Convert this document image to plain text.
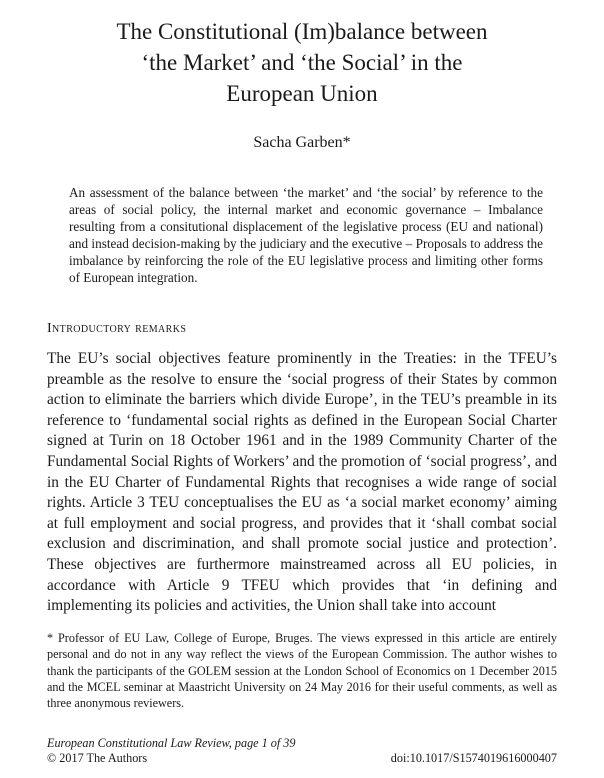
The Constitutional (Im)balance between
‘the Market’ and ‘the Social’ in the
European Union
Sacha Garben*

An assessment of the balance between ‘the market’ and ‘the social’ by reference to the areas of social policy, the internal market and economic governance – Imbalance resulting from a consitutional displacement of the legislative process (EU and national) and instead decision-making by the judiciary and the executive – Proposals to address the imbalance by reinforcing the role of the EU legislative process and limiting other forms of European integration.

Introductory remarks

The EU’s social objectives feature prominently in the Treaties: in the TFEU’s preamble as the resolve to ensure the ‘social progress of their States by common action to eliminate the barriers which divide Europe’, in the TEU’s preamble in its reference to ‘fundamental social rights as defined in the European Social Charter signed at Turin on 18 October 1961 and in the 1989 Community Charter of the Fundamental Social Rights of Workers’ and the promotion of ‘social progress’, and in the EU Charter of Fundamental Rights that recognises a wide range of social rights. Article 3 TEU conceptualises the EU as ‘a social market economy’ aiming at full employment and social progress, and provides that it ‘shall combat social exclusion and discrimination, and shall promote social justice and protection’. These objectives are furthermore mainstreamed across all EU policies, in accordance with Article 9 TFEU which provides that ‘in defining and implementing its policies and activities, the Union shall take into account

* Professor of EU Law, College of Europe, Bruges. The views expressed in this article are entirely personal and do not in any way reflect the views of the European Commission. The author wishes to thank the participants of the GOLEM session at the London School of Economics on 1 December 2015 and the MCEL seminar at Maastricht University on 24 May 2016 for their useful comments, as well as three anonymous reviewers.

European Constitutional Law Review, page 1 of 39
© 2017 The Authors	doi:10.1017/S1574019616000407
